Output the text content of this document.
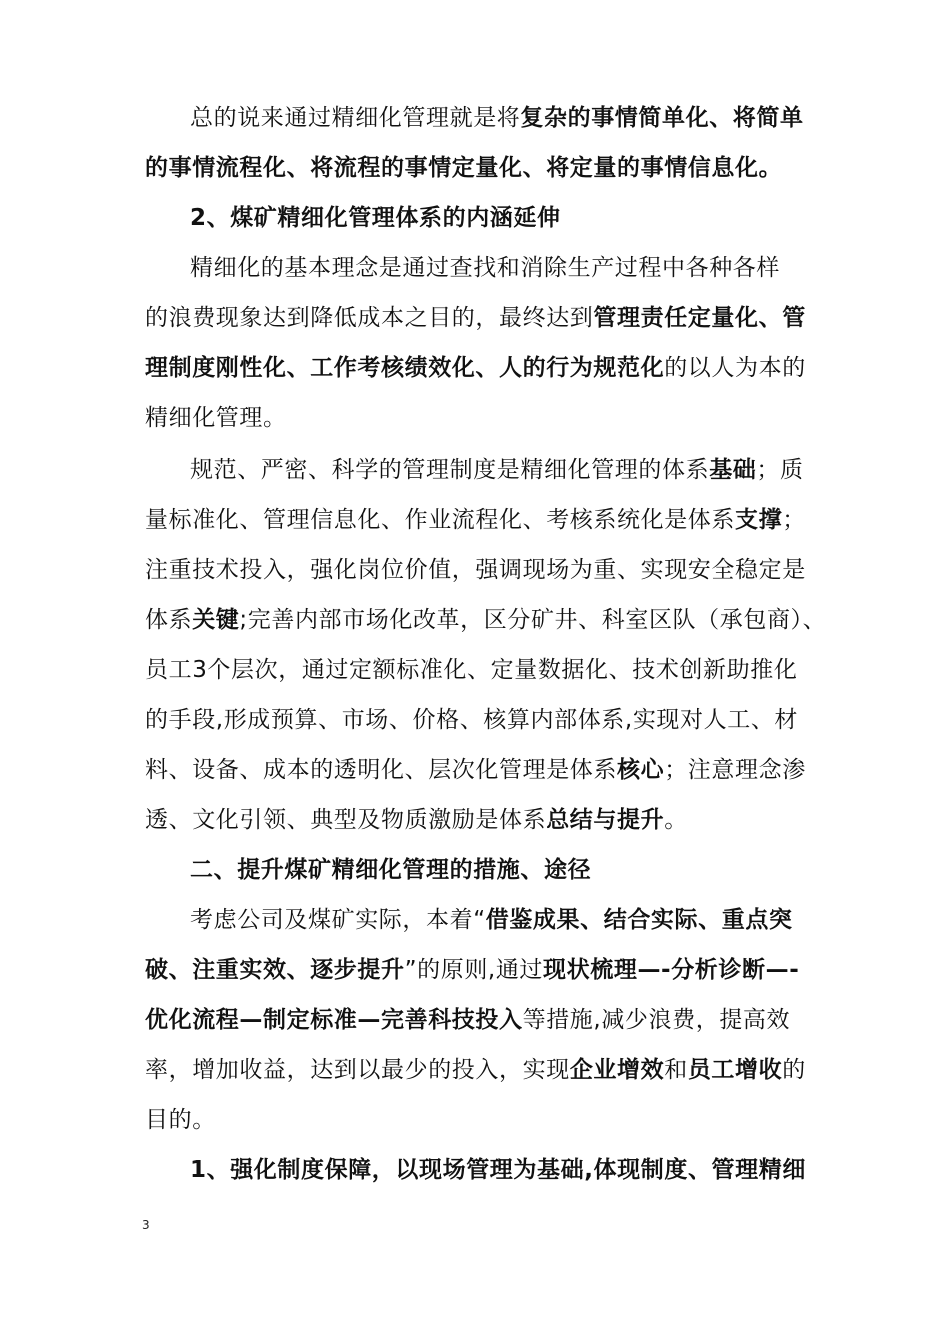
总的说来通过精细化管理就是将复杂的事情简单化、将简单
的事情流程化、将流程的事情定量化、将定量的事情信息化。
2、煤矿精细化管理体系的内涵延伸
精细化的基本理念是通过查找和消除生产过程中各种各样
的浪费现象达到降低成本之目的，最终达到管理责任定量化、管
理制度刚性化、工作考核绩效化、人的行为规范化的以人为本的
精细化管理。
规范、严密、科学的管理制度是精细化管理的体系基础；质
量标准化、管理信息化、作业流程化、考核系统化是体系支撑；
注重技术投入，强化岗位价值，强调现场为重、实现安全稳定是
体系关键;完善内部市场化改革，区分矿井、科室区队（承包商）、
员工3个层次，通过定额标准化、定量数据化、技术创新助推化
的手段,形成预算、市场、价格、核算内部体系,实现对人工、材
料、设备、成本的透明化、层次化管理是体系核心；注意理念渗
透、文化引领、典型及物质激励是体系总结与提升。
二、提升煤矿精细化管理的措施、途径
考虑公司及煤矿实际，本着“借鉴成果、结合实际、重点突
破、注重实效、逐步提升”的原则,通过现状梳理—-分析诊断—-
优化流程—制定标准—完善科技投入等措施,减少浪费，提高效
率，增加收益，达到以最少的投入，实现企业增效和员工增收的
目的。
1、强化制度保障，以现场管理为基础,体现制度、管理精细
3
